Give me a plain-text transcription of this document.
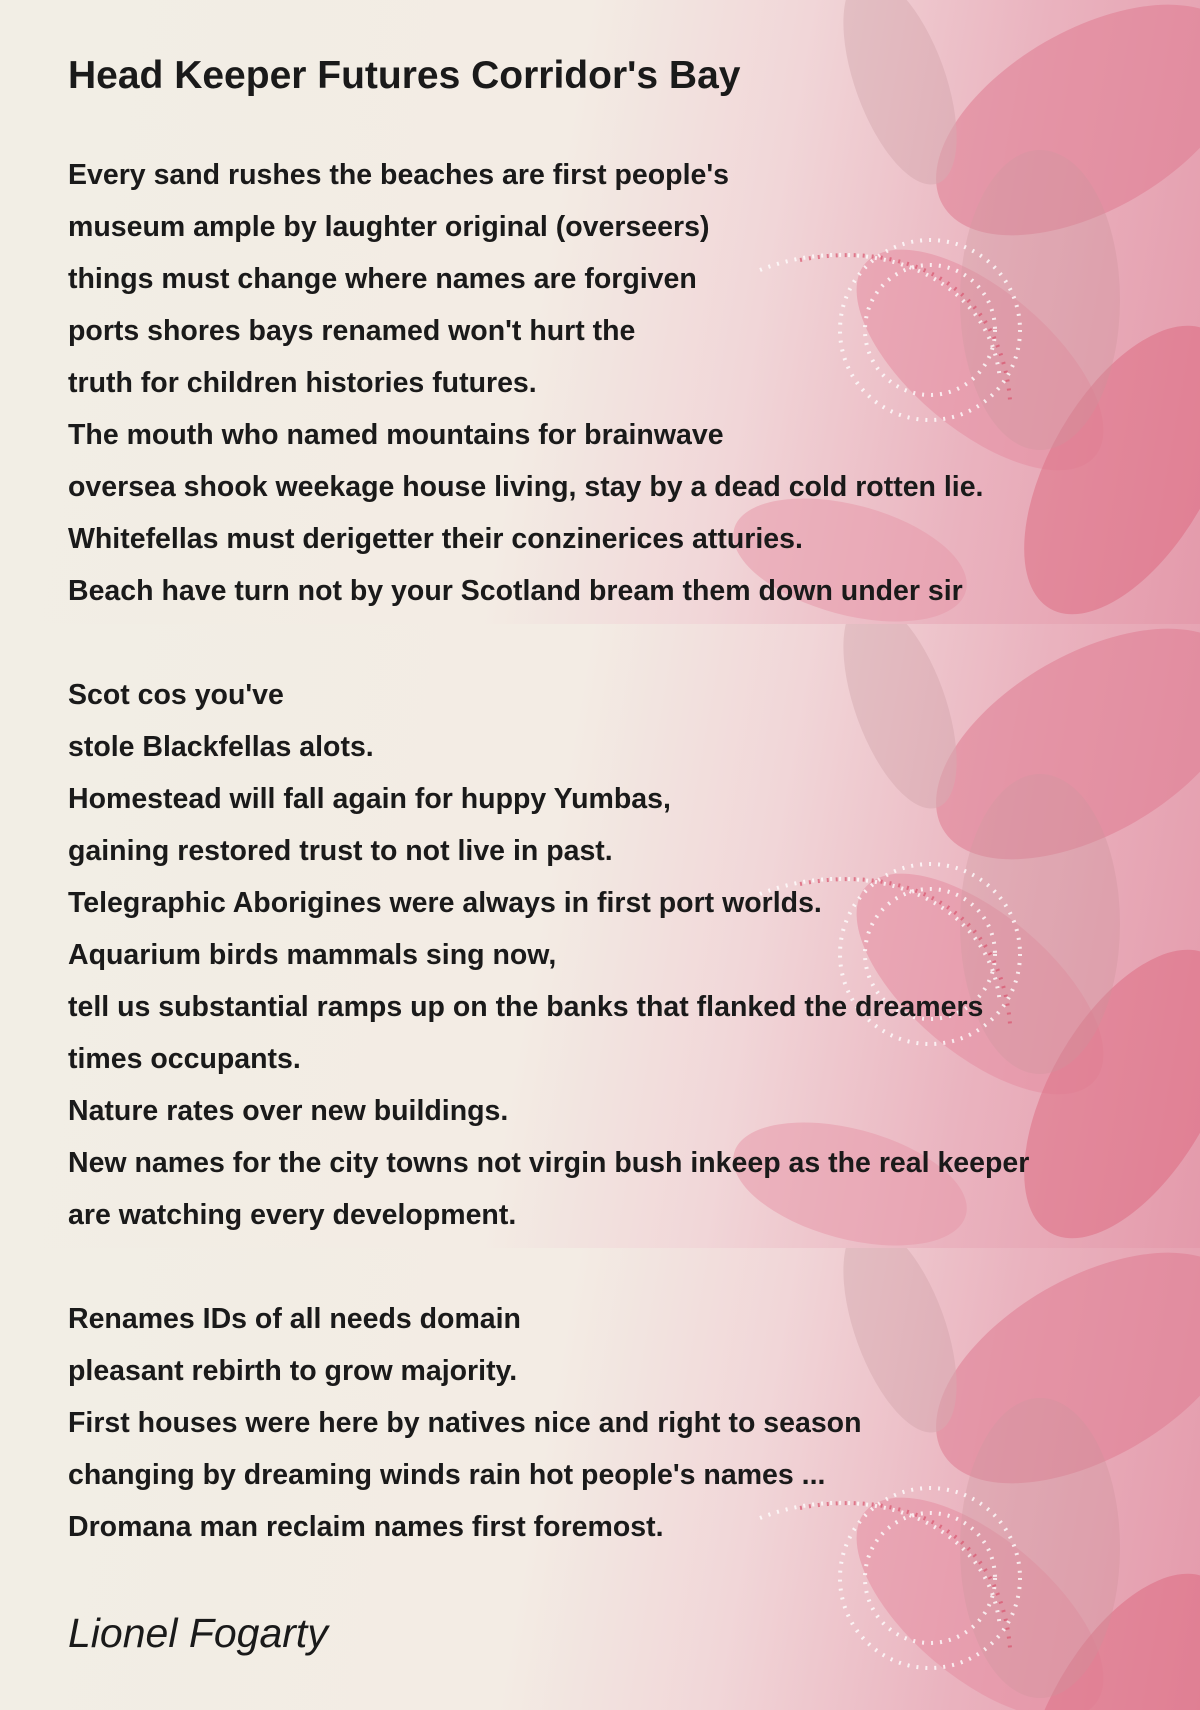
Head Keeper Futures Corridor's Bay
Every sand rushes the beaches are first people's
museum ample by laughter original (overseers)
things must change where names are forgiven
ports shores bays renamed won't hurt the
truth for children histories futures.
The mouth who named mountains for brainwave
oversea shook weekage house living, stay by a dead cold rotten lie.
Whitefellas must derigetter their conzinerices atturies.
Beach have turn not by your Scotland bream them down under sir
Scot cos you've
stole Blackfellas alots.
Homestead will fall again for huppy Yumbas,
gaining restored trust to not live in past.
Telegraphic Aborigines were always in first port worlds.
Aquarium birds mammals sing now,
tell us substantial ramps up on the banks that flanked the dreamers
times occupants.
Nature rates over new buildings.
New names for the city towns not virgin bush inkeep as the real keeper
are watching every development.
Renames IDs of all needs domain
pleasant rebirth to grow majority.
First houses were here by natives nice and right to season
changing by dreaming winds rain hot people's names ...
Dromana man reclaim names first foremost.
Lionel Fogarty
